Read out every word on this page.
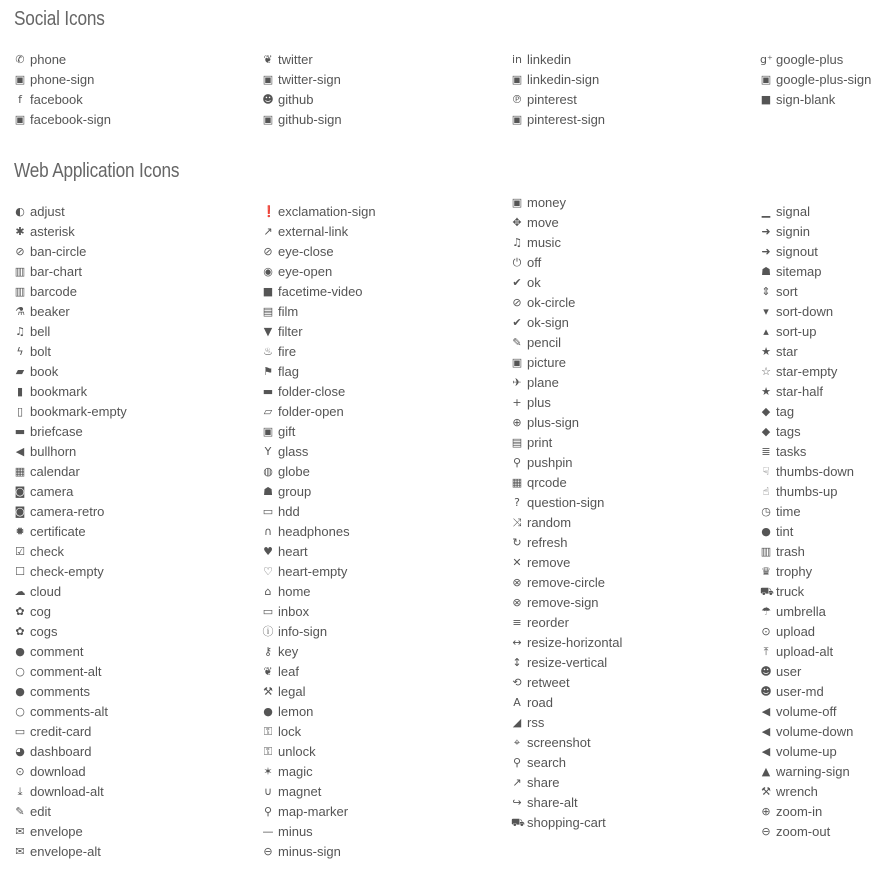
Social Icons
✆ phone
▣ phone-sign
f facebook
▣ facebook-sign
❦ twitter
▣ twitter-sign
☻ github
▣ github-sign
in linkedin
▣ linkedin-sign
℗ pinterest
▣ pinterest-sign
g⁺ google-plus
▣ google-plus-sign
■ sign-blank
Web Application Icons
◐ adjust
✱ asterisk
⊘ ban-circle
▥ bar-chart
▥ barcode
⚗ beaker
♫ bell
ϟ bolt
▰ book
▮ bookmark
▯ bookmark-empty
▬ briefcase
◀ bullhorn
▦ calendar
◙ camera
◙ camera-retro
✹ certificate
☑ check
☐ check-empty
☁ cloud
✿ cog
✿ cogs
● comment
○ comment-alt
● comments
○ comments-alt
▭ credit-card
◕ dashboard
⊙ download
⤓ download-alt
✎ edit
✉ envelope
✉ envelope-alt
❗ exclamation-sign
↗ external-link
⊘ eye-close
◉ eye-open
■ facetime-video
▤ film
▼ filter
♨ fire
⚑ flag
▬ folder-close
▱ folder-open
▣ gift
Y glass
◍ globe
☗ group
▭ hdd
∩ headphones
♥ heart
♡ heart-empty
⌂ home
▭ inbox
ⓘ info-sign
⚷ key
❦ leaf
⚒ legal
● lemon
⚿ lock
⚿ unlock
✶ magic
∪ magnet
⚲ map-marker
— minus
⊖ minus-sign
▣ money
✥ move
♫ music
⏻ off
✔ ok
⊘ ok-circle
✔ ok-sign
✎ pencil
▣ picture
✈ plane
+ plus
⊕ plus-sign
▤ print
⚲ pushpin
▦ qrcode
? question-sign
⤨ random
↻ refresh
✕ remove
⊗ remove-circle
⊗ remove-sign
≡ reorder
↔ resize-horizontal
↕ resize-vertical
⟲ retweet
A road
◢ rss
⌖ screenshot
⚲ search
↗ share
↪ share-alt
⛟ shopping-cart
▁ signal
➜ signin
➜ signout
☗ sitemap
⇕ sort
▾ sort-down
▴ sort-up
★ star
☆ star-empty
★ star-half
◆ tag
◆ tags
≣ tasks
☟ thumbs-down
☝ thumbs-up
◷ time
● tint
▥ trash
♛ trophy
⛟ truck
☂ umbrella
⊙ upload
⤒ upload-alt
☻ user
☻ user-md
◀ volume-off
◀ volume-down
◀ volume-up
▲ warning-sign
⚒ wrench
⊕ zoom-in
⊖ zoom-out
